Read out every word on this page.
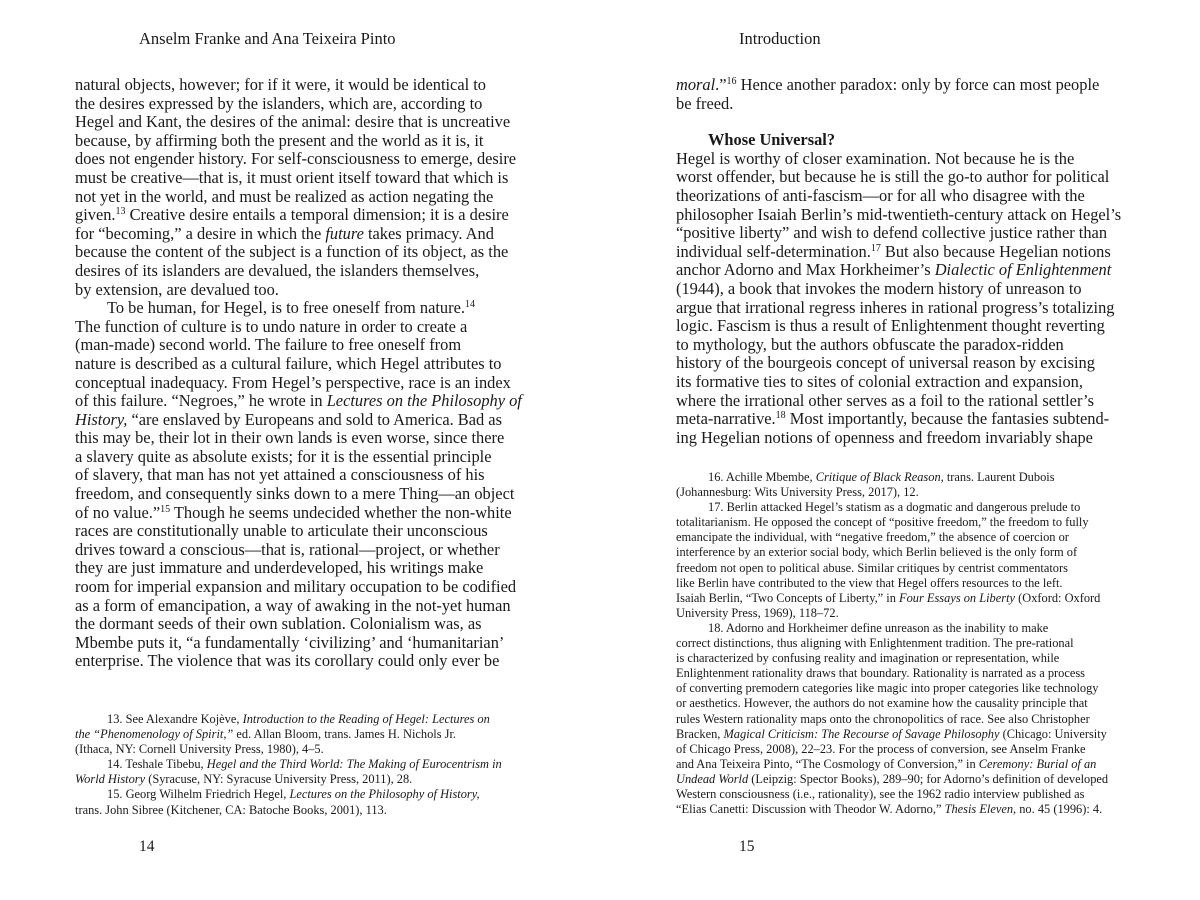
Anselm Franke and Ana Teixeira Pinto
natural objects, however; for if it were, it would be identical to
the desires expressed by the islanders, which are, according to
Hegel and Kant, the desires of the animal: desire that is uncreative
because, by affirming both the present and the world as it is, it
does not engender history. For self-consciousness to emerge, desire
must be creative—that is, it must orient itself toward that which is
not yet in the world, and must be realized as action negating the
given.$^{13}$ Creative desire entails a temporal dimension; it is a desire
for “becoming,” a desire in which the future takes primacy. And
because the content of the subject is a function of its object, as the
desires of its islanders are devalued, the islanders themselves,
by extension, are devalued too.
To be human, for Hegel, is to free oneself from nature.$^{14}$
The function of culture is to undo nature in order to create a
(man-made) second world. The failure to free oneself from
nature is described as a cultural failure, which Hegel attributes to
conceptual inadequacy. From Hegel’s perspective, race is an index
of this failure. “Negroes,” he wrote in Lectures on the Philosophy of
History, “are enslaved by Europeans and sold to America. Bad as
this may be, their lot in their own lands is even worse, since there
a slavery quite as absolute exists; for it is the essential principle
of slavery, that man has not yet attained a consciousness of his
freedom, and consequently sinks down to a mere Thing—an object
of no value.”$^{15}$ Though he seems undecided whether the non-white
races are constitutionally unable to articulate their unconscious
drives toward a conscious—that is, rational—project, or whether
they are just immature and underdeveloped, his writings make
room for imperial expansion and military occupation to be codified
as a form of emancipation, a way of awaking in the not-yet human
the dormant seeds of their own sublation. Colonialism was, as
Mbembe puts it, “a fundamentally ‘civilizing’ and ‘humanitarian’
enterprise. The violence that was its corollary could only ever be
13. See Alexandre Kojève, Introduction to the Reading of Hegel: Lectures on
the “Phenomenology of Spirit,” ed. Allan Bloom, trans. James H. Nichols Jr.
(Ithaca, NY: Cornell University Press, 1980), 4–5.
14. Teshale Tibebu, Hegel and the Third World: The Making of Eurocentrism in
World History (Syracuse, NY: Syracuse University Press, 2011), 28.
15. Georg Wilhelm Friedrich Hegel, Lectures on the Philosophy of History,
trans. John Sibree (Kitchener, CA: Batoche Books, 2001), 113.
14
Introduction
moral.”$^{16}$ Hence another paradox: only by force can most people
be freed.
Whose Universal?
Hegel is worthy of closer examination. Not because he is the
worst offender, but because he is still the go-to author for political
theorizations of anti-fascism—or for all who disagree with the
philosopher Isaiah Berlin’s mid-twentieth-century attack on Hegel’s
“positive liberty” and wish to defend collective justice rather than
individual self-determination.$^{17}$ But also because Hegelian notions
anchor Adorno and Max Horkheimer’s Dialectic of Enlightenment
(1944), a book that invokes the modern history of unreason to
argue that irrational regress inheres in rational progress’s totalizing
logic. Fascism is thus a result of Enlightenment thought reverting
to mythology, but the authors obfuscate the paradox-ridden
history of the bourgeois concept of universal reason by excising
its formative ties to sites of colonial extraction and expansion,
where the irrational other serves as a foil to the rational settler’s
meta-narrative.$^{18}$ Most importantly, because the fantasies subtend-
ing Hegelian notions of openness and freedom invariably shape
16. Achille Mbembe, Critique of Black Reason, trans. Laurent Dubois
(Johannesburg: Wits University Press, 2017), 12.
17. Berlin attacked Hegel’s statism as a dogmatic and dangerous prelude to
totalitarianism. He opposed the concept of “positive freedom,” the freedom to fully
emancipate the individual, with “negative freedom,” the absence of coercion or
interference by an exterior social body, which Berlin believed is the only form of
freedom not open to political abuse. Similar critiques by centrist commentators
like Berlin have contributed to the view that Hegel offers resources to the left.
Isaiah Berlin, “Two Concepts of Liberty,” in Four Essays on Liberty (Oxford: Oxford
University Press, 1969), 118–72.
18. Adorno and Horkheimer define unreason as the inability to make
correct distinctions, thus aligning with Enlightenment tradition. The pre-rational
is characterized by confusing reality and imagination or representation, while
Enlightenment rationality draws that boundary. Rationality is narrated as a process
of converting premodern categories like magic into proper categories like technology
or aesthetics. However, the authors do not examine how the causality principle that
rules Western rationality maps onto the chronopolitics of race. See also Christopher
Bracken, Magical Criticism: The Recourse of Savage Philosophy (Chicago: University
of Chicago Press, 2008), 22–23. For the process of conversion, see Anselm Franke
and Ana Teixeira Pinto, “The Cosmology of Conversion,” in Ceremony: Burial of an
Undead World (Leipzig: Spector Books), 289–90; for Adorno’s definition of developed
Western consciousness (i.e., rationality), see the 1962 radio interview published as
“Elias Canetti: Discussion with Theodor W. Adorno,” Thesis Eleven, no. 45 (1996): 4.
15
